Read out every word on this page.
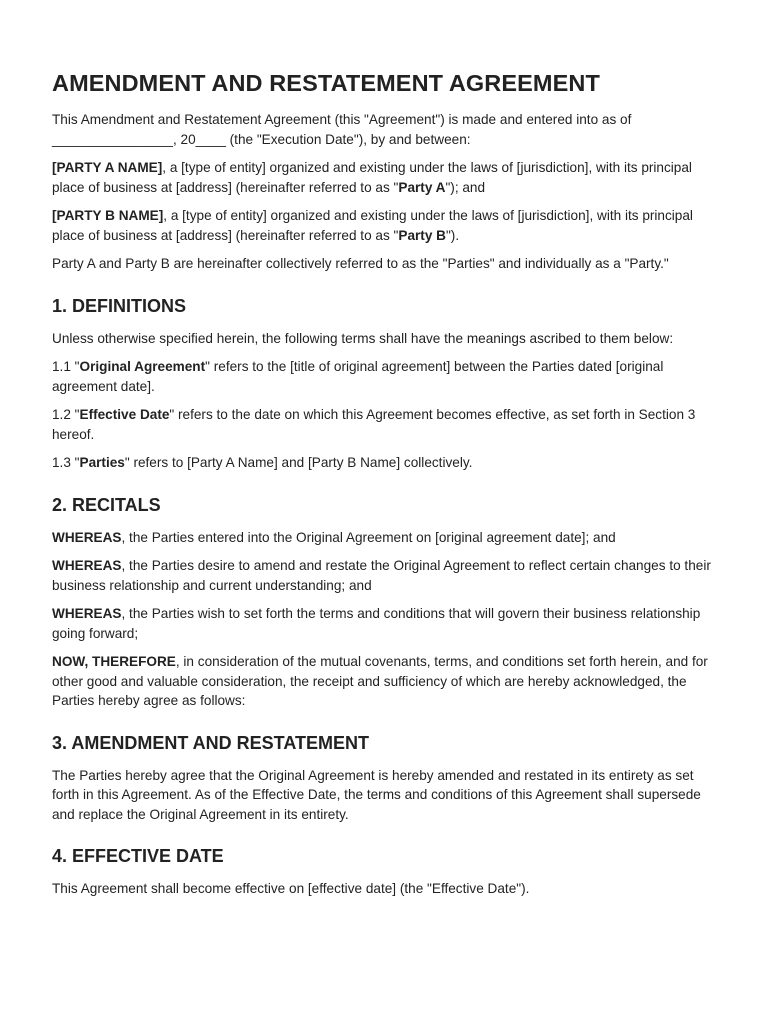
AMENDMENT AND RESTATEMENT AGREEMENT

This Amendment and Restatement Agreement (this "Agreement") is made and entered into as of ________________, 20____ (the "Execution Date"), by and between:

[PARTY A NAME], a [type of entity] organized and existing under the laws of [jurisdiction], with its principal place of business at [address] (hereinafter referred to as "Party A"); and

[PARTY B NAME], a [type of entity] organized and existing under the laws of [jurisdiction], with its principal place of business at [address] (hereinafter referred to as "Party B").

Party A and Party B are hereinafter collectively referred to as the "Parties" and individually as a "Party."

1. DEFINITIONS

Unless otherwise specified herein, the following terms shall have the meanings ascribed to them below:

1.1 "Original Agreement" refers to the [title of original agreement] between the Parties dated [original agreement date].

1.2 "Effective Date" refers to the date on which this Agreement becomes effective, as set forth in Section 3 hereof.

1.3 "Parties" refers to [Party A Name] and [Party B Name] collectively.

2. RECITALS

WHEREAS, the Parties entered into the Original Agreement on [original agreement date]; and

WHEREAS, the Parties desire to amend and restate the Original Agreement to reflect certain changes to their business relationship and current understanding; and

WHEREAS, the Parties wish to set forth the terms and conditions that will govern their business relationship going forward;

NOW, THEREFORE, in consideration of the mutual covenants, terms, and conditions set forth herein, and for other good and valuable consideration, the receipt and sufficiency of which are hereby acknowledged, the Parties hereby agree as follows:

3. AMENDMENT AND RESTATEMENT

The Parties hereby agree that the Original Agreement is hereby amended and restated in its entirety as set forth in this Agreement. As of the Effective Date, the terms and conditions of this Agreement shall supersede and replace the Original Agreement in its entirety.

4. EFFECTIVE DATE

This Agreement shall become effective on [effective date] (the "Effective Date").
